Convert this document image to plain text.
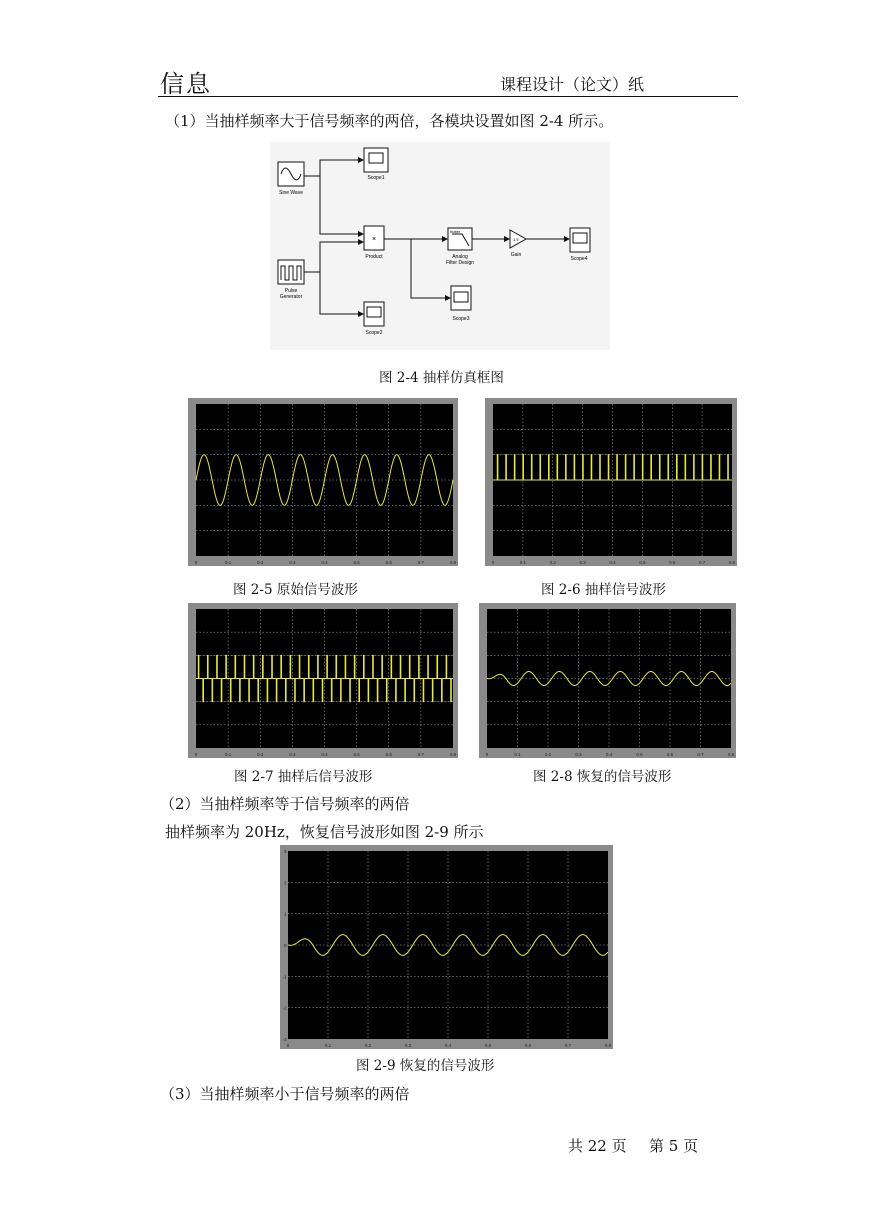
信息	课程设计（论文）纸
（1）当抽样频率大于信号频率的两倍，各模块设置如图 2-4 所示。
Sine Wave
Scope1
×
Product
Pulse
Generator
Scope2
butter
Analog
Filter Design
Scope3
1.5
Gain
Scope4
图 2-4 抽样仿真框图
0	0.1	0.2	0.3	0.4	0.5	0.6	0.7	0.8	0	0.1	0.2	0.3	0.4	0.5	0.6	0.7	0.8
图 2-5 原始信号波形	图 2-6 抽样信号波形
0	0.1	0.2	0.3	0.4	0.5	0.6	0.7	0.8	0	0.1	0.2	0.3	0.4	0.5	0.6	0.7	0.8
图 2-7 抽样后信号波形	图 2-8 恢复的信号波形
（2）当抽样频率等于信号频率的两倍
抽样频率为 20Hz，恢复信号波形如图 2-9 所示
0	0.1	0.2	0.3	0.4	0.5	0.6	0.7	0.8
3
2
1
0
-1
-2
-3
图 2-9 恢复的信号波形
（3）当抽样频率小于信号频率的两倍
共 22 页 第 5 页
